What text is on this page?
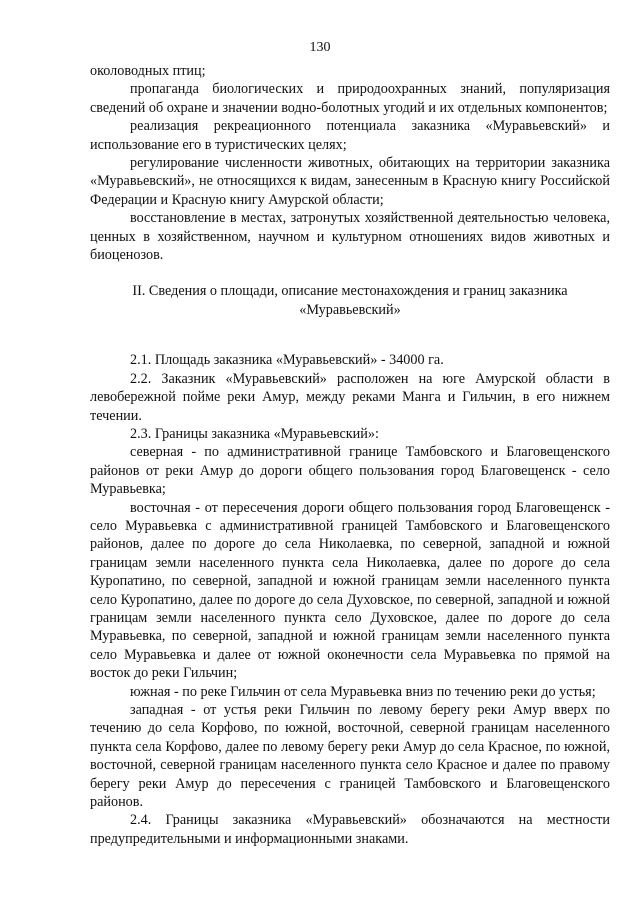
130

околоводных птиц;

пропаганда биологических и природоохранных знаний, популяризация сведений об охране и значении водно-болотных угодий и их отдельных компонентов;

реализация рекреационного потенциала заказника «Муравьевский» и использование его в туристических целях;

регулирование численности животных, обитающих на территории заказника «Муравьевский», не относящихся к видам, занесенным в Красную книгу Российской Федерации и Красную книгу Амурской области;

восстановление в местах, затронутых хозяйственной деятельностью человека, ценных в хозяйственном, научном и культурном отношениях видов животных и биоценозов.

II. Сведения о площади, описание местонахождения и границ заказника «Муравьевский»

2.1. Площадь заказника «Муравьевский» - 34000 га.

2.2. Заказник «Муравьевский» расположен на юге Амурской области в левобережной пойме реки Амур, между реками Манга и Гильчин, в его нижнем течении.

2.3. Границы заказника «Муравьевский»:

северная - по административной границе Тамбовского и Благовещенского районов от реки Амур до дороги общего пользования город Благовещенск - село Муравьевка;

восточная - от пересечения дороги общего пользования город Благовещенск - село Муравьевка с административной границей Тамбовского и Благовещенского районов, далее по дороге до села Николаевка, по северной, западной и южной границам земли населенного пункта села Николаевка, далее по дороге до села Куропатино, по северной, западной и южной границам земли населенного пункта село Куропатино, далее по дороге до села Духовское, по северной, западной и южной границам земли населенного пункта село Духовское, далее по дороге до села Муравьевка, по северной, западной и южной границам земли населенного пункта село Муравьевка и далее от южной оконечности села Муравьевка по прямой на восток до реки Гильчин;

южная - по реке Гильчин от села Муравьевка вниз по течению реки до устья;

западная - от устья реки Гильчин по левому берегу реки Амур вверх по течению до села Корфово, по южной, восточной, северной границам населенного пункта села Корфово, далее по левому берегу реки Амур до села Красное, по южной, восточной, северной границам населенного пункта село Красное и далее по правому берегу реки Амур до пересечения с границей Тамбовского и Благовещенского районов.

2.4. Границы заказника «Муравьевский» обозначаются на местности предупредительными и информационными знаками.
